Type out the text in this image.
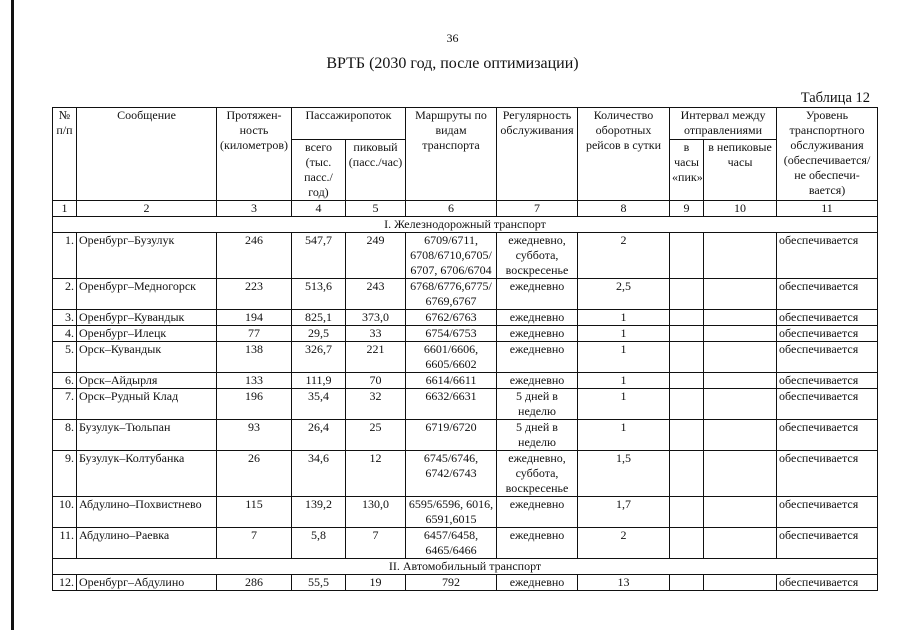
36
ВРТБ (2030 год, после оптимизации)
Таблица 12
№ п/п	Сообщение	Протяжен-ность (километров)	Пассажиропоток		Маршруты по видам транспорта	Регулярность обслуживания	Количество оборотных рейсов в сутки	Интервал между отправлениями		Уровень транспортного обслуживания (обеспечивается/ не обеспечи-вается)
			всего (тыс. пасс./ год)	пиковый (пасс./час)				в часы «пик»	в непиковые часы	
1	2	3	4	5	6	7	8	9	10	11
I. Железнодорожный транспорт										
1.	Оренбург–Бузулук	246	547,7	249	6709/6711, 6708/6710,6705/ 6707, 6706/6704	ежедневно, суббота, воскресенье	2			обеспечивается
2.	Оренбург–Медногорск	223	513,6	243	6768/6776,6775/ 6769,6767	ежедневно	2,5			обеспечивается
3.	Оренбург–Кувандык	194	825,1	373,0	6762/6763	ежедневно	1			обеспечивается
4.	Оренбург–Илецк	77	29,5	33	6754/6753	ежедневно	1			обеспечивается
5.	Орск–Кувандык	138	326,7	221	6601/6606, 6605/6602	ежедневно	1			обеспечивается
6.	Орск–Айдырля	133	111,9	70	6614/6611	ежедневно	1			обеспечивается
7.	Орск–Рудный Клад	196	35,4	32	6632/6631	5 дней в неделю	1			обеспечивается
8.	Бузулук–Тюльпан	93	26,4	25	6719/6720	5 дней в неделю	1			обеспечивается
9.	Бузулук–Колтубанка	26	34,6	12	6745/6746, 6742/6743	ежедневно, суббота, воскресенье	1,5			обеспечивается
10.	Абдулино–Похвистнево	115	139,2	130,0	6595/6596, 6016, 6591,6015	ежедневно	1,7			обеспечивается
11.	Абдулино–Раевка	7	5,8	7	6457/6458, 6465/6466	ежедневно	2			обеспечивается
II. Автомобильный транспорт										
12.	Оренбург–Абдулино	286	55,5	19	792	ежедневно	13			обеспечивается
